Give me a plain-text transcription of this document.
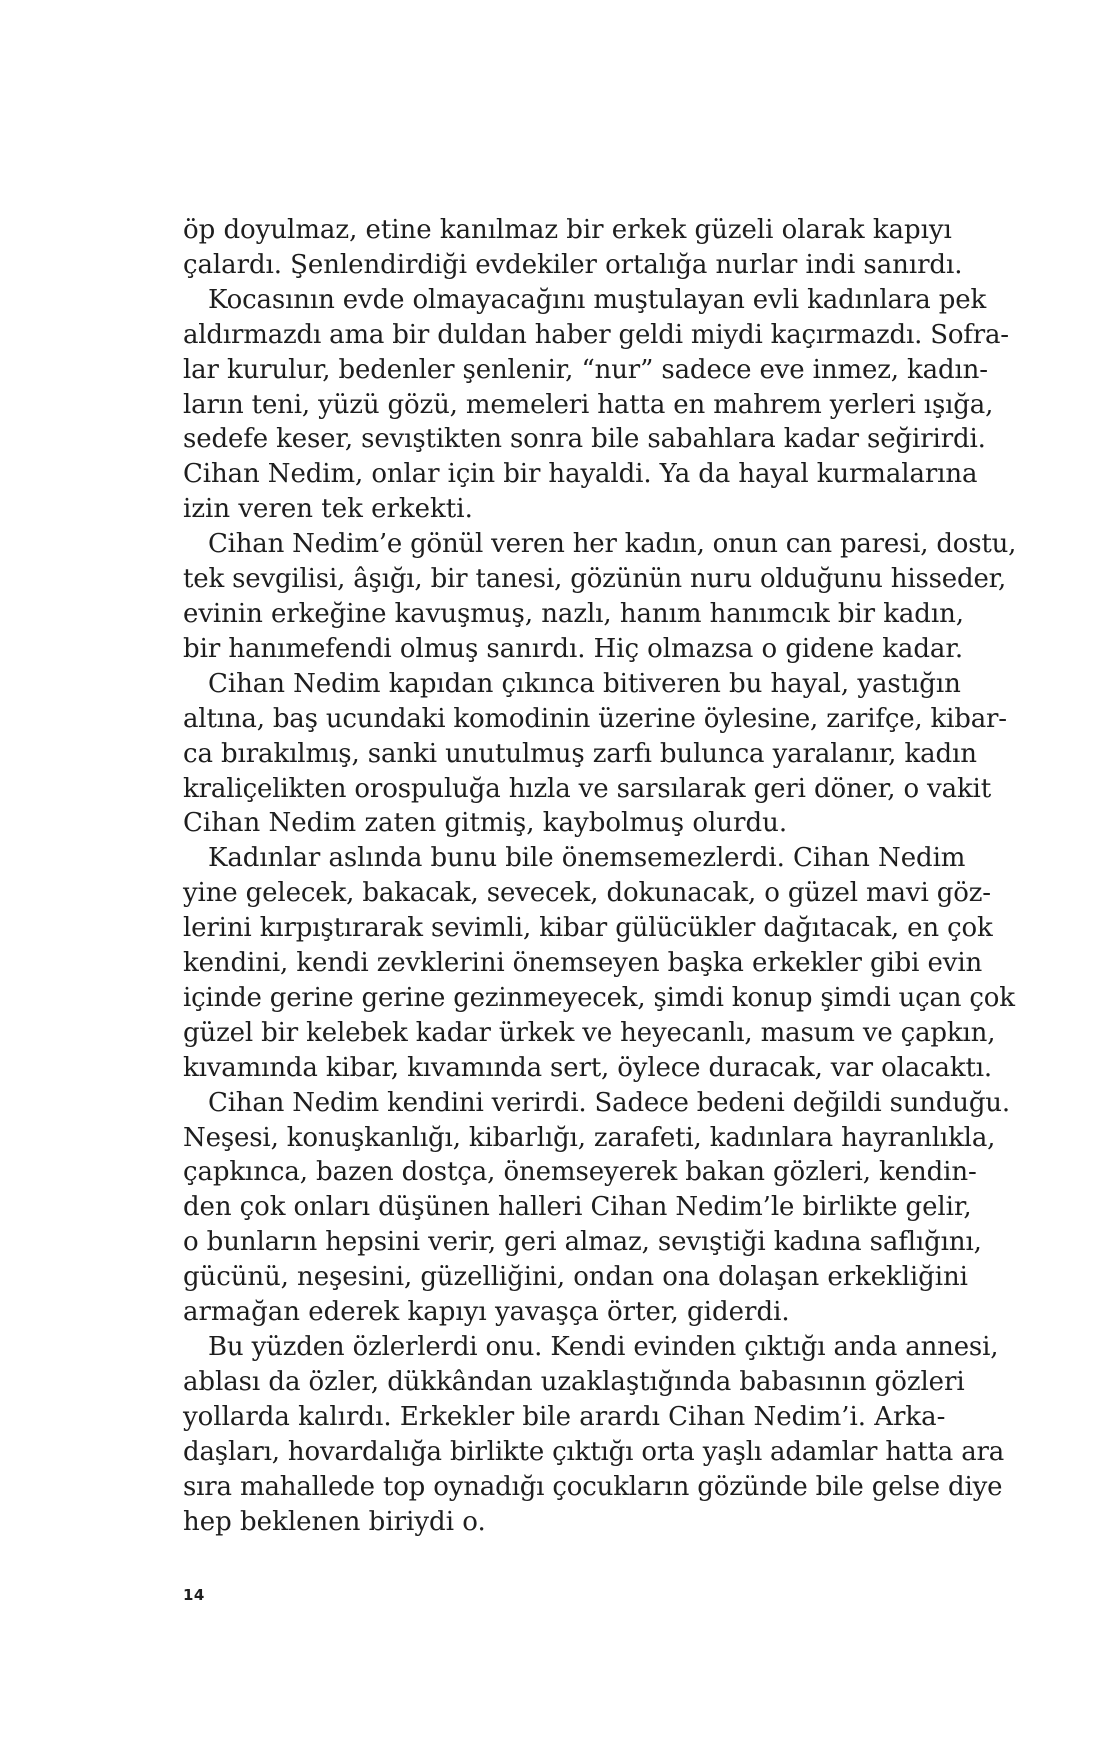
öp doyulmaz, etine kanılmaz bir erkek güzeli olarak kapıyı
çalardı. Şenlendirdiği evdekiler ortalığa nurlar indi sanırdı.

Kocasının evde olmayacağını muştulayan evli kadınlara pek
aldırmazdı ama bir duldan haber geldi miydi kaçırmazdı. Sofra-
lar kurulur, bedenler şenlenir, “nur” sadece eve inmez, kadın-
ların teni, yüzü gözü, memeleri hatta en mahrem yerleri ışığa,
sedefe keser, sevıştikten sonra bile sabahlara kadar seğirirdi.
Cihan Nedim, onlar için bir hayaldi. Ya da hayal kurmalarına
izin veren tek erkekti.

Cihan Nedim’e gönül veren her kadın, onun can paresi, dostu,
tek sevgilisi, âşığı, bir tanesi, gözünün nuru olduğunu hisseder,
evinin erkeğine kavuşmuş, nazlı, hanım hanımcık bir kadın,
bir hanımefendi olmuş sanırdı. Hiç olmazsa o gidene kadar.

Cihan Nedim kapıdan çıkınca bitiveren bu hayal, yastığın
altına, baş ucundaki komodinin üzerine öylesine, zarifçe, kibar-
ca bırakılmış, sanki unutulmuş zarfı bulunca yaralanır, kadın
kraliçelikten orospuluğa hızla ve sarsılarak geri döner, o vakit
Cihan Nedim zaten gitmiş, kaybolmuş olurdu.

Kadınlar aslında bunu bile önemsemezlerdi. Cihan Nedim
yine gelecek, bakacak, sevecek, dokunacak, o güzel mavi göz-
lerini kırpıştırarak sevimli, kibar gülücükler dağıtacak, en çok
kendini, kendi zevklerini önemseyen başka erkekler gibi evin
içinde gerine gerine gezinmeyecek, şimdi konup şimdi uçan çok
güzel bir kelebek kadar ürkek ve heyecanlı, masum ve çapkın,
kıvamında kibar, kıvamında sert, öylece duracak, var olacaktı.

Cihan Nedim kendini verirdi. Sadece bedeni değildi sunduğu.
Neşesi, konuşkanlığı, kibarlığı, zarafeti, kadınlara hayranlıkla,
çapkınca, bazen dostça, önemseyerek bakan gözleri, kendin-
den çok onları düşünen halleri Cihan Nedim’le birlikte gelir,
o bunların hepsini verir, geri almaz, sevıştiği kadına saflığını,
gücünü, neşesini, güzelliğini, ondan ona dolaşan erkekliğini
armağan ederek kapıyı yavaşça örter, giderdi.

Bu yüzden özlerlerdi onu. Kendi evinden çıktığı anda annesi,
ablası da özler, dükkândan uzaklaştığında babasının gözleri
yollarda kalırdı. Erkekler bile arardı Cihan Nedim’i. Arka-
daşları, hovardalığa birlikte çıktığı orta yaşlı adamlar hatta ara
sıra mahallede top oynadığı çocukların gözünde bile gelse diye
hep beklenen biriydi o.

14
